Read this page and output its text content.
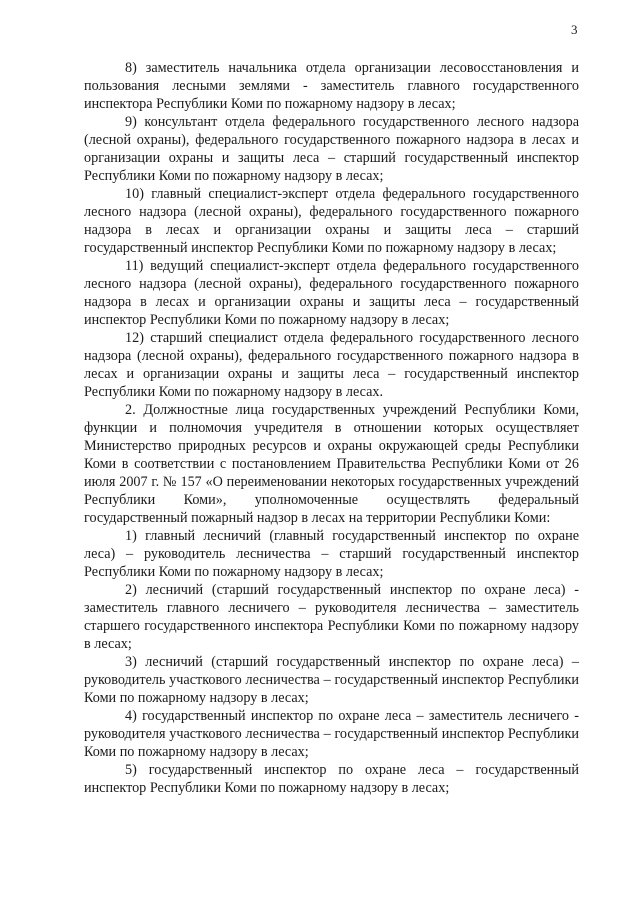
3

8) заместитель начальника отдела организации лесовосстановления и пользования лесными землями - заместитель главного государственного инспектора Республики Коми по пожарному надзору в лесах;

9) консультант отдела федерального государственного лесного надзора (лесной охраны), федерального государственного пожарного надзора в лесах и организации охраны и защиты леса – старший государственный инспектор Республики Коми по пожарному надзору в лесах;

10) главный специалист-эксперт отдела федерального государственного лесного надзора (лесной охраны), федерального государственного пожарного надзора в лесах и организации охраны и защиты леса – старший государственный инспектор Республики Коми по пожарному надзору в лесах;

11) ведущий специалист-эксперт отдела федерального государственного лесного надзора (лесной охраны), федерального государственного пожарного надзора в лесах и организации охраны и защиты леса – государственный инспектор Республики Коми по пожарному надзору в лесах;

12) старший специалист отдела федерального государственного лесного надзора (лесной охраны), федерального государственного пожарного надзора в лесах и организации охраны и защиты леса – государственный инспектор Республики Коми по пожарному надзору в лесах.

2. Должностные лица государственных учреждений Республики Коми, функции и полномочия учредителя в отношении которых осуществляет Министерство природных ресурсов и охраны окружающей среды Республики Коми в соответствии с постановлением Правительства Республики Коми от 26 июля 2007 г. № 157 «О переименовании некоторых государственных учреждений Республики Коми», уполномоченные осуществлять федеральный государственный пожарный надзор в лесах на территории Республики Коми:

1) главный лесничий (главный государственный инспектор по охране леса) – руководитель лесничества – старший государственный инспектор Республики Коми по пожарному надзору в лесах;

2) лесничий (старший государственный инспектор по охране леса) - заместитель главного лесничего – руководителя лесничества – заместитель старшего государственного инспектора Республики Коми по пожарному надзору в лесах;

3) лесничий (старший государственный инспектор по охране леса) – руководитель участкового лесничества – государственный инспектор Республики Коми по пожарному надзору в лесах;

4) государственный инспектор по охране леса – заместитель лесничего - руководителя участкового лесничества – государственный инспектор Республики Коми по пожарному надзору в лесах;

5) государственный инспектор по охране леса – государственный инспектор Республики Коми по пожарному надзору в лесах;
